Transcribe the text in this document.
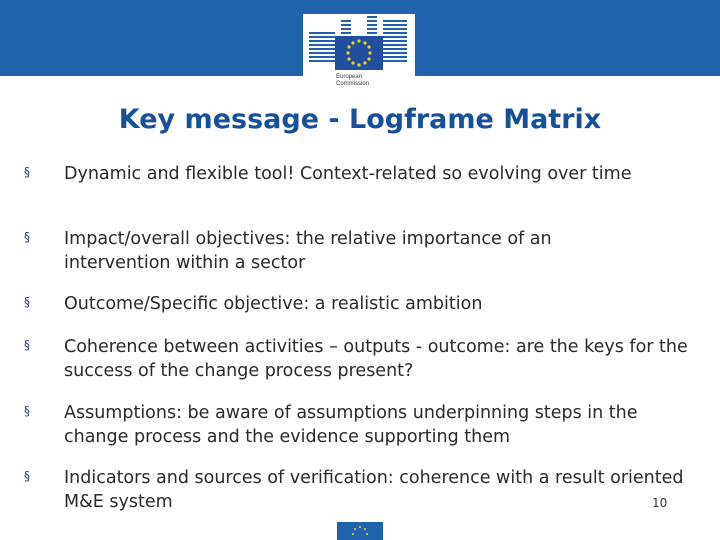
European
Commission
Key message - Logframe Matrix
§ Dynamic and flexible tool! Context-related so evolving over time
§ Impact/overall objectives: the relative importance of an intervention within a sector
§ Outcome/Specific objective: a realistic ambition
§ Coherence between activities – outputs - outcome: are the keys for the success of the change process present?
§ Assumptions: be aware of assumptions underpinning steps in the change process and the evidence supporting them
§ Indicators and sources of verification: coherence with a result oriented M&E system	10
